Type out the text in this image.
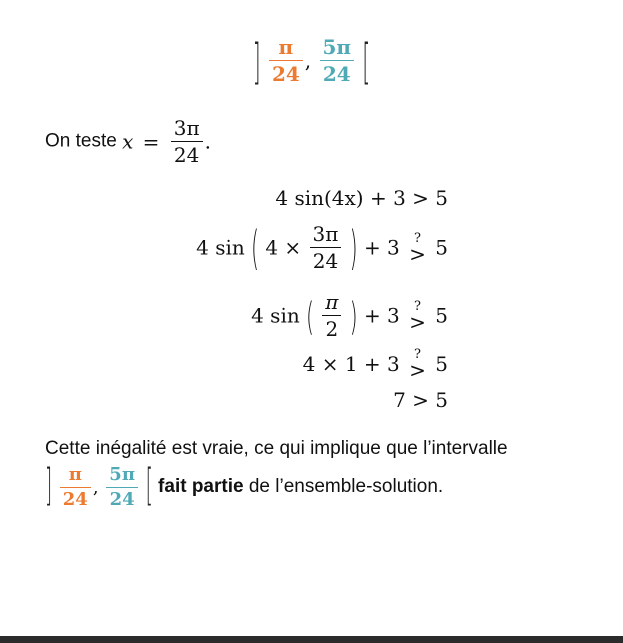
] $\frac{\pi}{24}$ , $\frac{5\pi}{24}$ [
On teste $x = \frac{3\pi}{24}$ .
4 sin(4x) + 3 > 5
4 sin ( $4 \times \frac{3\pi}{24}$ ) + 3 ?
> 5
4 sin ( $\frac{\pi}{2}$ ) + 3 ?
> 5
4 × 1 + 3 ?
> 5
7 > 5
Cette inégalité est vraie, ce qui implique que l’intervalle
] $\frac{\pi}{24}$ , $\frac{5\pi}{24}$ [ fait partie de l’ensemble-solution.
